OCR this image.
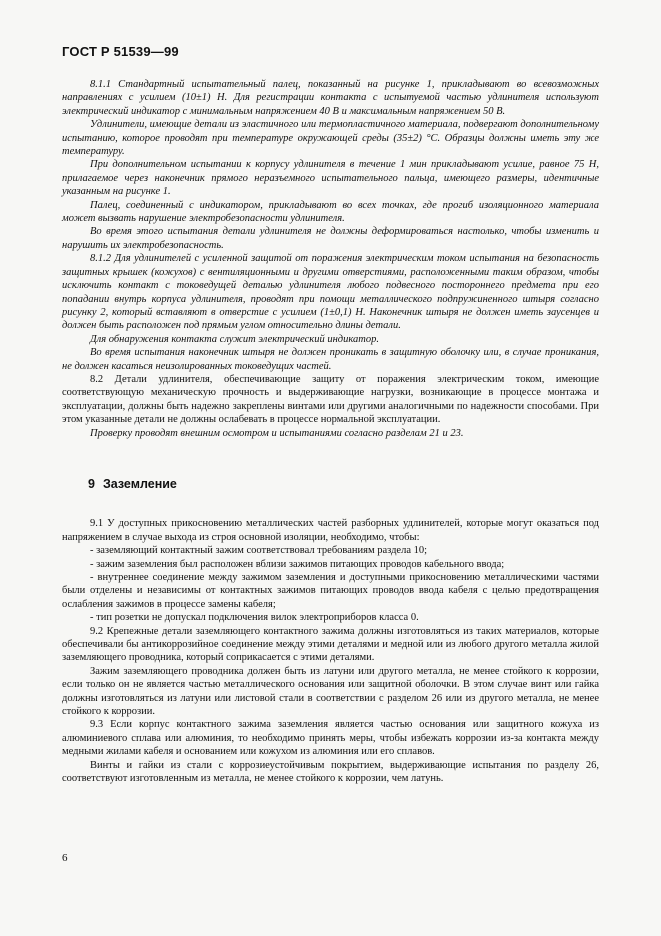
ГОСТ Р 51539—99

8.1.1 Стандартный испытательный палец, показанный на рисунке 1, прикладывают во всевозможных направлениях с усилием (10±1) Н. Для регистрации контакта с испытуемой частью удлинителя используют электрический индикатор с минимальным напряжением 40 В и максимальным напряжением 50 В.

Удлинители, имеющие детали из эластичного или термопластичного материала, подвергают дополнительному испытанию, которое проводят при температуре окружающей среды (35±2) °С. Образцы должны иметь эту же температуру.

При дополнительном испытании к корпусу удлинителя в течение 1 мин прикладывают усилие, равное 75 Н, прилагаемое через наконечник прямого неразъемного испытательного пальца, имеющего размеры, идентичные указанным на рисунке 1.

Палец, соединенный с индикатором, прикладывают во всех точках, где прогиб изоляционного материала может вызвать нарушение электробезопасности удлинителя.

Во время этого испытания детали удлинителя не должны деформироваться настолько, чтобы изменить и нарушить их электробезопасность.

8.1.2 Для удлинителей с усиленной защитой от поражения электрическим током испытания на безопасность защитных крышек (кожухов) с вентиляционными и другими отверстиями, расположенными таким образом, чтобы исключить контакт с токоведущей деталью удлинителя любого подвесного постороннего предмета при его попадании внутрь корпуса удлинителя, проводят при помощи металлического подпружиненного штыря согласно рисунку 2, который вставляют в отверстие с усилием (1±0,1) Н. Наконечник штыря не должен иметь заусенцев и должен быть расположен под прямым углом относительно длины детали.

Для обнаружения контакта служит электрический индикатор.

Во время испытания наконечник штыря не должен проникать в защитную оболочку или, в случае проникания, не должен касаться неизолированных токоведущих частей.

8.2 Детали удлинителя, обеспечивающие защиту от поражения электрическим током, имеющие соответствующую механическую прочность и выдерживающие нагрузки, возникающие в процессе монтажа и эксплуатации, должны быть надежно закреплены винтами или другими аналогичными по надежности способами. При этом указанные детали не должны ослабевать в процессе нормальной эксплуатации.

Проверку проводят внешним осмотром и испытаниями согласно разделам 21 и 23.

9 Заземление

9.1 У доступных прикосновению металлических частей разборных удлинителей, которые могут оказаться под напряжением в случае выхода из строя основной изоляции, необходимо, чтобы:

- заземляющий контактный зажим соответствовал требованиям раздела 10;

- зажим заземления был расположен вблизи зажимов питающих проводов кабельного ввода;

- внутреннее соединение между зажимом заземления и доступными прикосновению металлическими частями были отделены и независимы от контактных зажимов питающих проводов ввода кабеля с целью предотвращения ослабления зажимов в процессе замены кабеля;

- тип розетки не допускал подключения вилок электроприборов класса 0.

9.2 Крепежные детали заземляющего контактного зажима должны изготовляться из таких материалов, которые обеспечивали бы антикоррозийное соединение между этими деталями и медной или из любого другого металла жилой заземляющего проводника, который соприкасается с этими деталями.

Зажим заземляющего проводника должен быть из латуни или другого металла, не менее стойкого к коррозии, если только он не является частью металлического основания или защитной оболочки. В этом случае винт или гайка должны изготовляться из латуни или листовой стали в соответствии с разделом 26 или из другого металла, не менее стойкого к коррозии.

9.3 Если корпус контактного зажима заземления является частью основания или защитного кожуха из алюминиевого сплава или алюминия, то необходимо принять меры, чтобы избежать коррозии из-за контакта между медными жилами кабеля и основанием или кожухом из алюминия или его сплавов.

Винты и гайки из стали с коррозиеустойчивым покрытием, выдерживающие испытания по разделу 26, соответствуют изготовленным из металла, не менее стойкого к коррозии, чем латунь.

6
